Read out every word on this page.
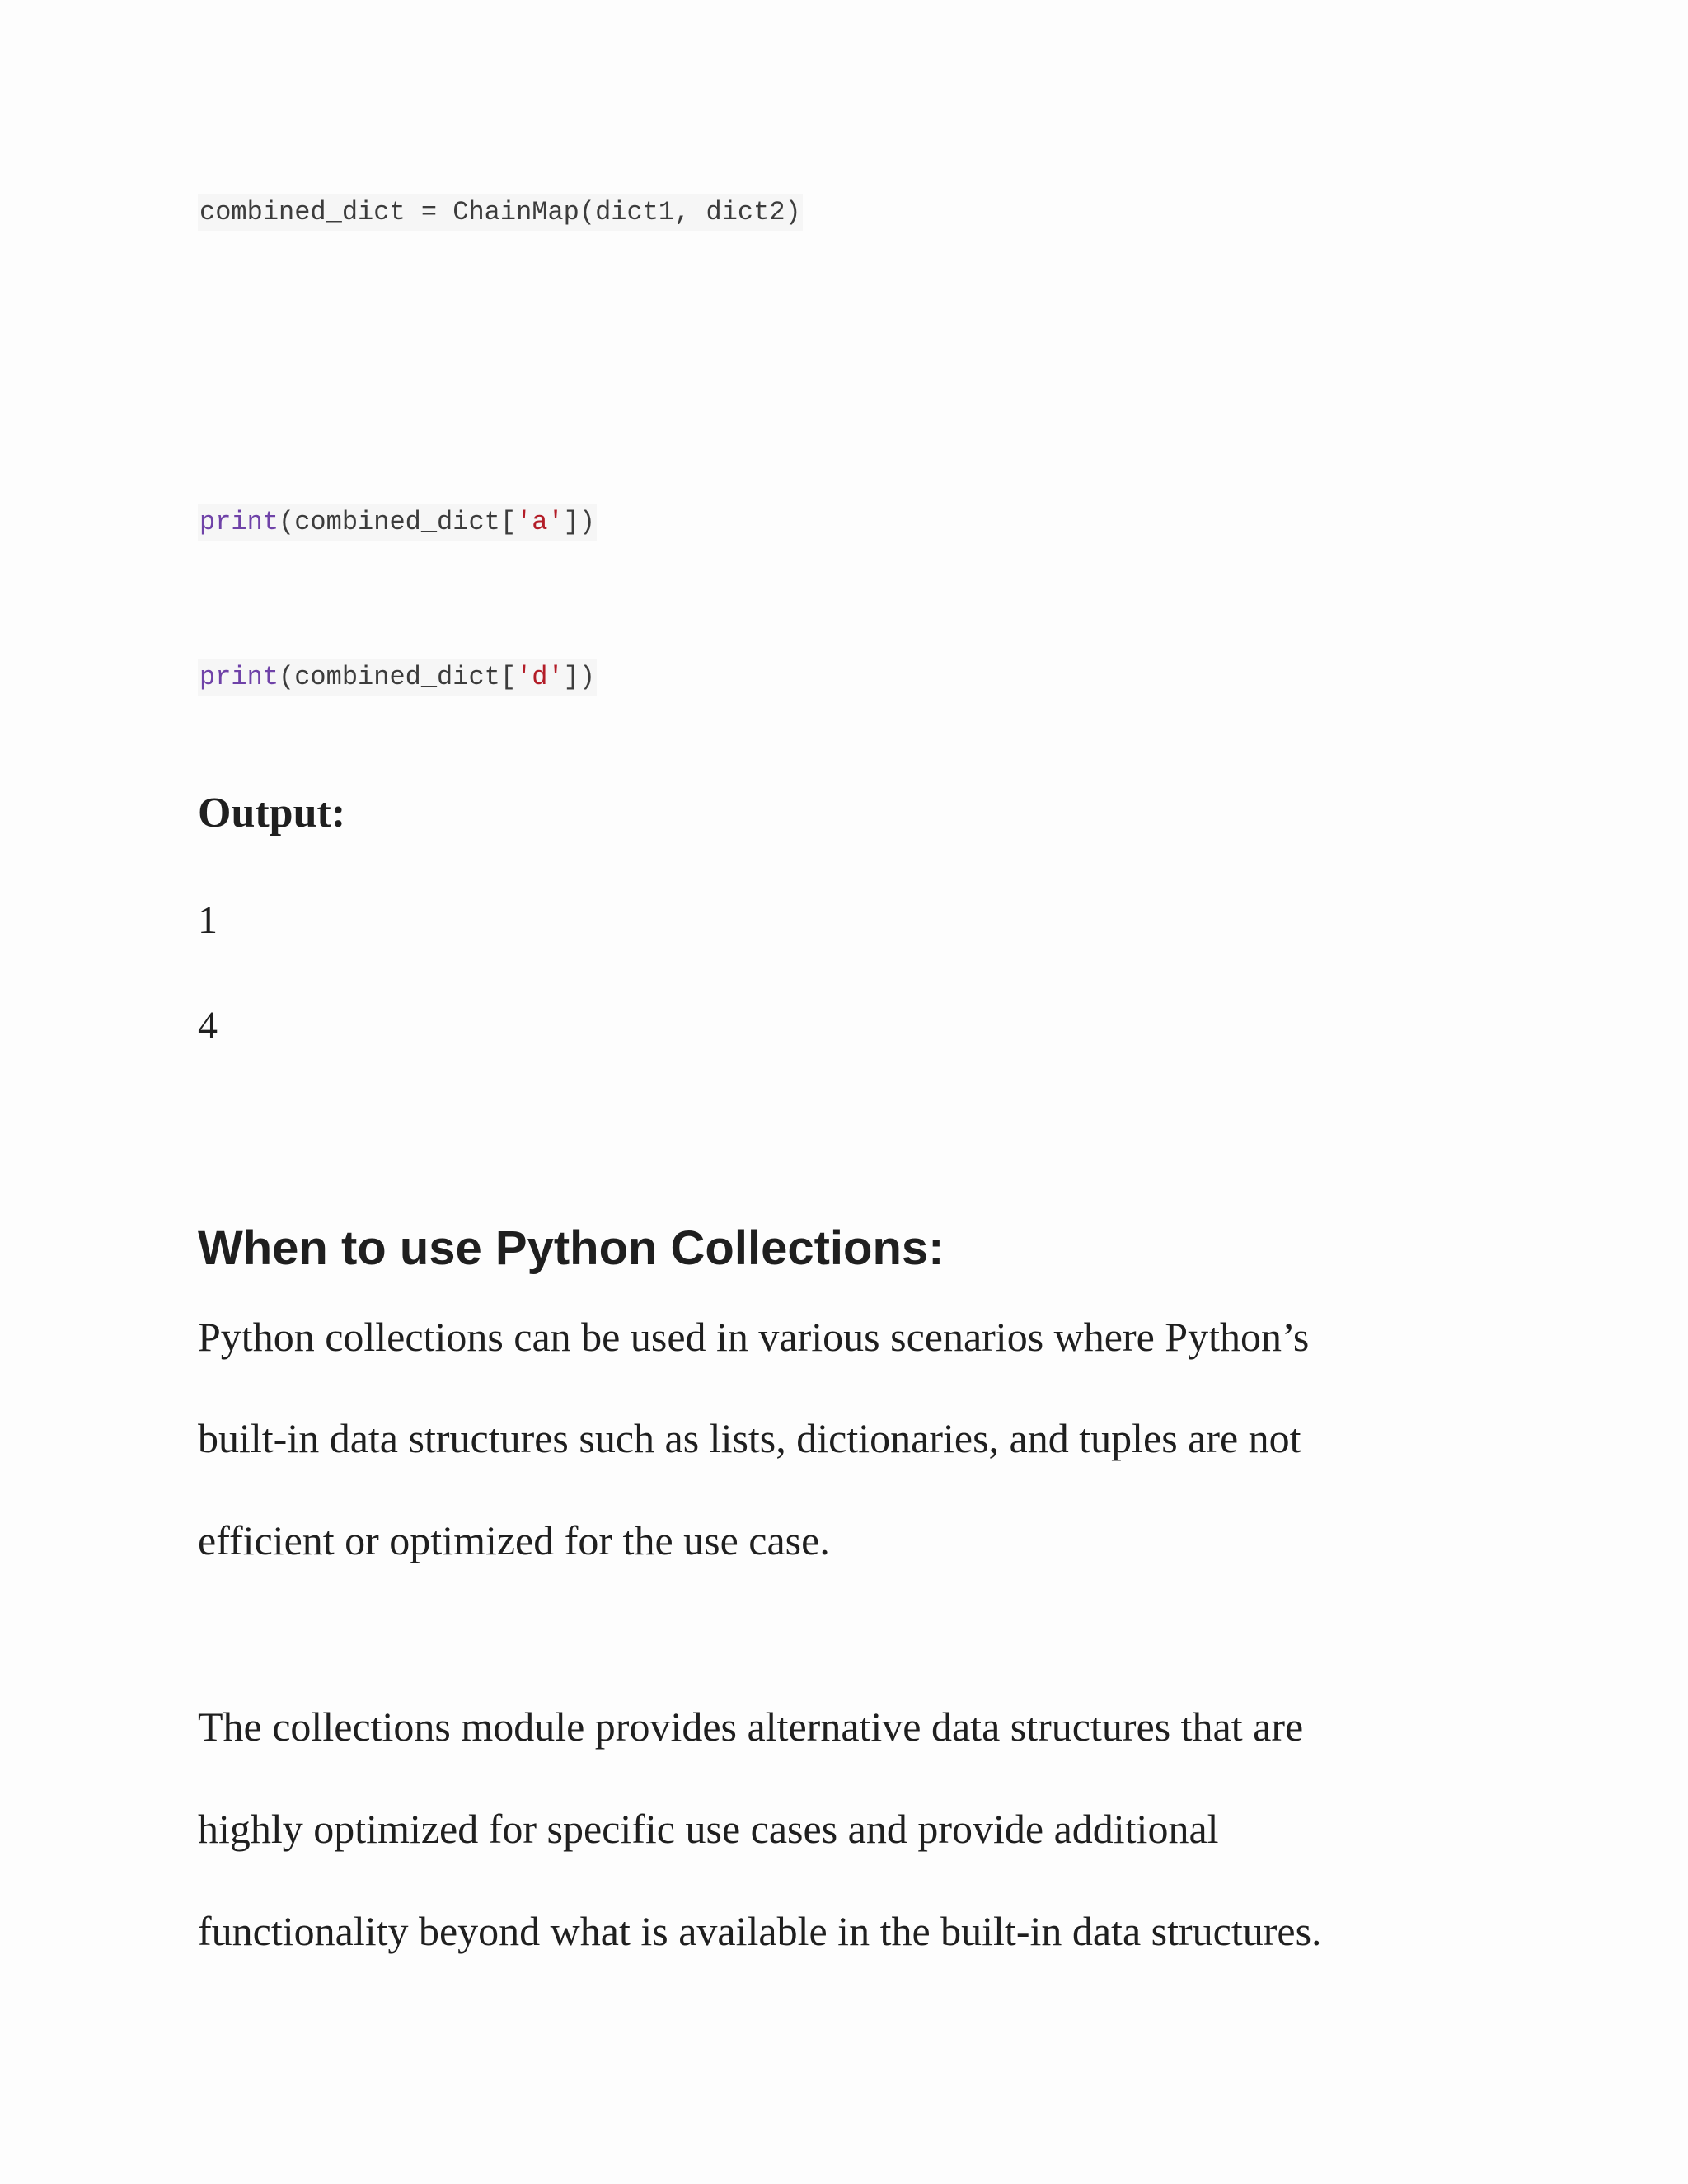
combined_dict = ChainMap(dict1, dict2)
print(combined_dict['a'])
print(combined_dict['d'])
Output:
1
4
When to use Python Collections:
Python collections can be used in various scenarios where Python’s
built-in data structures such as lists, dictionaries, and tuples are not
efficient or optimized for the use case.
The collections module provides alternative data structures that are
highly optimized for specific use cases and provide additional
functionality beyond what is available in the built-in data structures.
